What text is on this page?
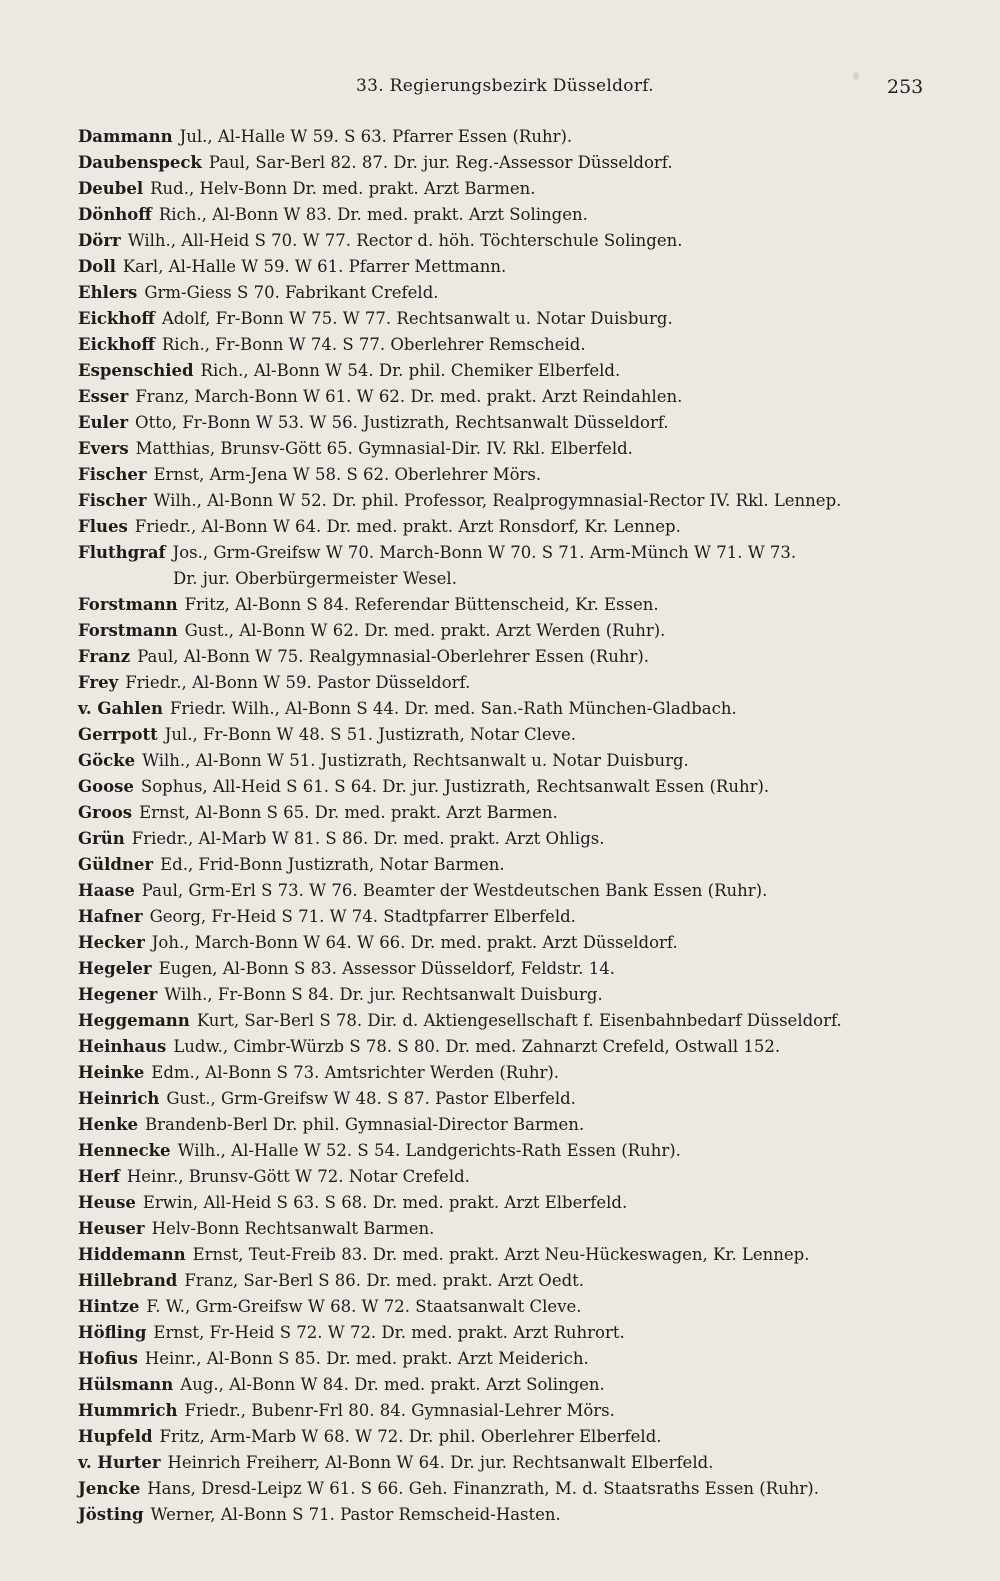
33. Regierungsbezirk Düsseldorf.	253
Dammann Jul., Al-Halle W 59. S 63. Pfarrer Essen (Ruhr).
Daubenspeck Paul, Sar-Berl 82. 87. Dr. jur. Reg.-Assessor Düsseldorf.
Deubel Rud., Helv-Bonn Dr. med. prakt. Arzt Barmen.
Dönhoff Rich., Al-Bonn W 83. Dr. med. prakt. Arzt Solingen.
Dörr Wilh., All-Heid S 70. W 77. Rector d. höh. Töchterschule Solingen.
Doll Karl, Al-Halle W 59. W 61. Pfarrer Mettmann.
Ehlers Grm-Giess S 70. Fabrikant Crefeld.
Eickhoff Adolf, Fr-Bonn W 75. W 77. Rechtsanwalt u. Notar Duisburg.
Eickhoff Rich., Fr-Bonn W 74. S 77. Oberlehrer Remscheid.
Espenschied Rich., Al-Bonn W 54. Dr. phil. Chemiker Elberfeld.
Esser Franz, March-Bonn W 61. W 62. Dr. med. prakt. Arzt Reindahlen.
Euler Otto, Fr-Bonn W 53. W 56. Justizrath, Rechtsanwalt Düsseldorf.
Evers Matthias, Brunsv-Gött 65. Gymnasial-Dir. IV. Rkl. Elberfeld.
Fischer Ernst, Arm-Jena W 58. S 62. Oberlehrer Mörs.
Fischer Wilh., Al-Bonn W 52. Dr. phil. Professor, Realprogymnasial-Rector IV. Rkl. Lennep.
Flues Friedr., Al-Bonn W 64. Dr. med. prakt. Arzt Ronsdorf, Kr. Lennep.
Fluthgraf Jos., Grm-Greifsw W 70. March-Bonn W 70. S 71. Arm-Münch W 71. W 73.
Dr. jur. Oberbürgermeister Wesel.
Forstmann Fritz, Al-Bonn S 84. Referendar Büttenscheid, Kr. Essen.
Forstmann Gust., Al-Bonn W 62. Dr. med. prakt. Arzt Werden (Ruhr).
Franz Paul, Al-Bonn W 75. Realgymnasial-Oberlehrer Essen (Ruhr).
Frey Friedr., Al-Bonn W 59. Pastor Düsseldorf.
v. Gahlen Friedr. Wilh., Al-Bonn S 44. Dr. med. San.-Rath München-Gladbach.
Gerrpott Jul., Fr-Bonn W 48. S 51. Justizrath, Notar Cleve.
Göcke Wilh., Al-Bonn W 51. Justizrath, Rechtsanwalt u. Notar Duisburg.
Goose Sophus, All-Heid S 61. S 64. Dr. jur. Justizrath, Rechtsanwalt Essen (Ruhr).
Groos Ernst, Al-Bonn S 65. Dr. med. prakt. Arzt Barmen.
Grün Friedr., Al-Marb W 81. S 86. Dr. med. prakt. Arzt Ohligs.
Güldner Ed., Frid-Bonn Justizrath, Notar Barmen.
Haase Paul, Grm-Erl S 73. W 76. Beamter der Westdeutschen Bank Essen (Ruhr).
Hafner Georg, Fr-Heid S 71. W 74. Stadtpfarrer Elberfeld.
Hecker Joh., March-Bonn W 64. W 66. Dr. med. prakt. Arzt Düsseldorf.
Hegeler Eugen, Al-Bonn S 83. Assessor Düsseldorf, Feldstr. 14.
Hegener Wilh., Fr-Bonn S 84. Dr. jur. Rechtsanwalt Duisburg.
Heggemann Kurt, Sar-Berl S 78. Dir. d. Aktiengesellschaft f. Eisenbahnbedarf Düsseldorf.
Heinhaus Ludw., Cimbr-Würzb S 78. S 80. Dr. med. Zahnarzt Crefeld, Ostwall 152.
Heinke Edm., Al-Bonn S 73. Amtsrichter Werden (Ruhr).
Heinrich Gust., Grm-Greifsw W 48. S 87. Pastor Elberfeld.
Henke Brandenb-Berl Dr. phil. Gymnasial-Director Barmen.
Hennecke Wilh., Al-Halle W 52. S 54. Landgerichts-Rath Essen (Ruhr).
Herf Heinr., Brunsv-Gött W 72. Notar Crefeld.
Heuse Erwin, All-Heid S 63. S 68. Dr. med. prakt. Arzt Elberfeld.
Heuser Helv-Bonn Rechtsanwalt Barmen.
Hiddemann Ernst, Teut-Freib 83. Dr. med. prakt. Arzt Neu-Hückeswagen, Kr. Lennep.
Hillebrand Franz, Sar-Berl S 86. Dr. med. prakt. Arzt Oedt.
Hintze F. W., Grm-Greifsw W 68. W 72. Staatsanwalt Cleve.
Höfling Ernst, Fr-Heid S 72. W 72. Dr. med. prakt. Arzt Ruhrort.
Hofius Heinr., Al-Bonn S 85. Dr. med. prakt. Arzt Meiderich.
Hülsmann Aug., Al-Bonn W 84. Dr. med. prakt. Arzt Solingen.
Hummrich Friedr., Bubenr-Frl 80. 84. Gymnasial-Lehrer Mörs.
Hupfeld Fritz, Arm-Marb W 68. W 72. Dr. phil. Oberlehrer Elberfeld.
v. Hurter Heinrich Freiherr, Al-Bonn W 64. Dr. jur. Rechtsanwalt Elberfeld.
Jencke Hans, Dresd-Leipz W 61. S 66. Geh. Finanzrath, M. d. Staatsraths Essen (Ruhr).
Jösting Werner, Al-Bonn S 71. Pastor Remscheid-Hasten.
